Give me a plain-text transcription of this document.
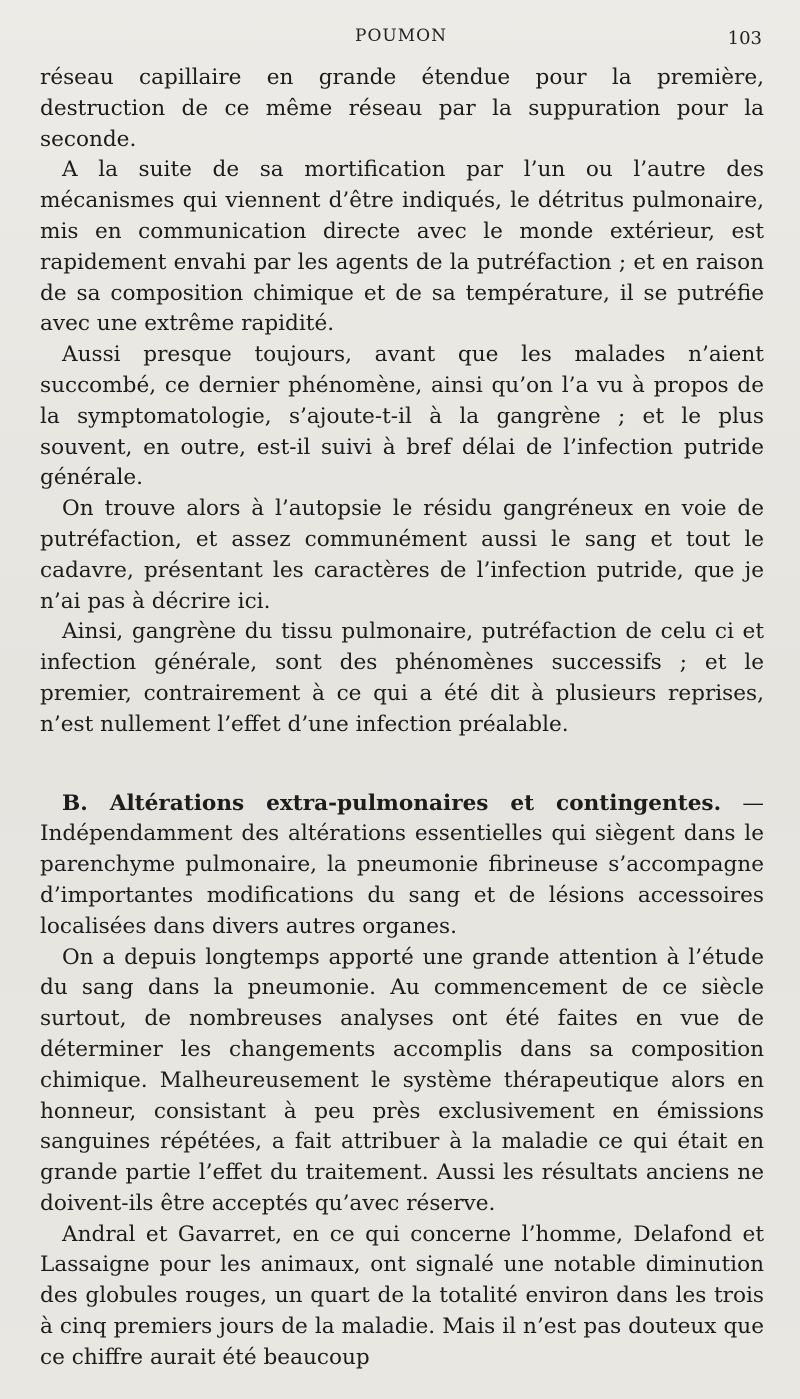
POUMON	103

réseau capillaire en grande étendue pour la première, destruction de ce même réseau par la suppuration pour la seconde.

A la suite de sa mortification par l’un ou l’autre des mécanismes qui viennent d’être indiqués, le détritus pulmonaire, mis en communication directe avec le monde extérieur, est rapidement envahi par les agents de la putréfaction ; et en raison de sa composition chimique et de sa température, il se putréfie avec une extrême rapidité.

Aussi presque toujours, avant que les malades n’aient succombé, ce dernier phénomène, ainsi qu’on l’a vu à propos de la symptomatologie, s’ajoute-t-il à la gangrène ; et le plus souvent, en outre, est-il suivi à bref délai de l’infection putride générale.

On trouve alors à l’autopsie le résidu gangréneux en voie de putréfaction, et assez communément aussi le sang et tout le cadavre, présentant les caractères de l’infection putride, que je n’ai pas à décrire ici.

Ainsi, gangrène du tissu pulmonaire, putréfaction de celu ci et infection générale, sont des phénomènes successifs ; et le premier, contrairement à ce qui a été dit à plusieurs reprises, n’est nullement l’effet d’une infection préalable.

B. Altérations extra-pulmonaires et contingentes. — Indépendamment des altérations essentielles qui siègent dans le parenchyme pulmonaire, la pneumonie fibrineuse s’accompagne d’importantes modifications du sang et de lésions accessoires localisées dans divers autres organes.

On a depuis longtemps apporté une grande attention à l’étude du sang dans la pneumonie. Au commencement de ce siècle surtout, de nombreuses analyses ont été faites en vue de déterminer les changements accomplis dans sa composition chimique. Malheureusement le système thérapeutique alors en honneur, consistant à peu près exclusivement en émissions sanguines répétées, a fait attribuer à la maladie ce qui était en grande partie l’effet du traitement. Aussi les résultats anciens ne doivent-ils être acceptés qu’avec réserve.

Andral et Gavarret, en ce qui concerne l’homme, Delafond et Lassaigne pour les animaux, ont signalé une notable diminution des globules rouges, un quart de la totalité environ dans les trois à cinq premiers jours de la maladie. Mais il n’est pas douteux que ce chiffre aurait été beaucoup
